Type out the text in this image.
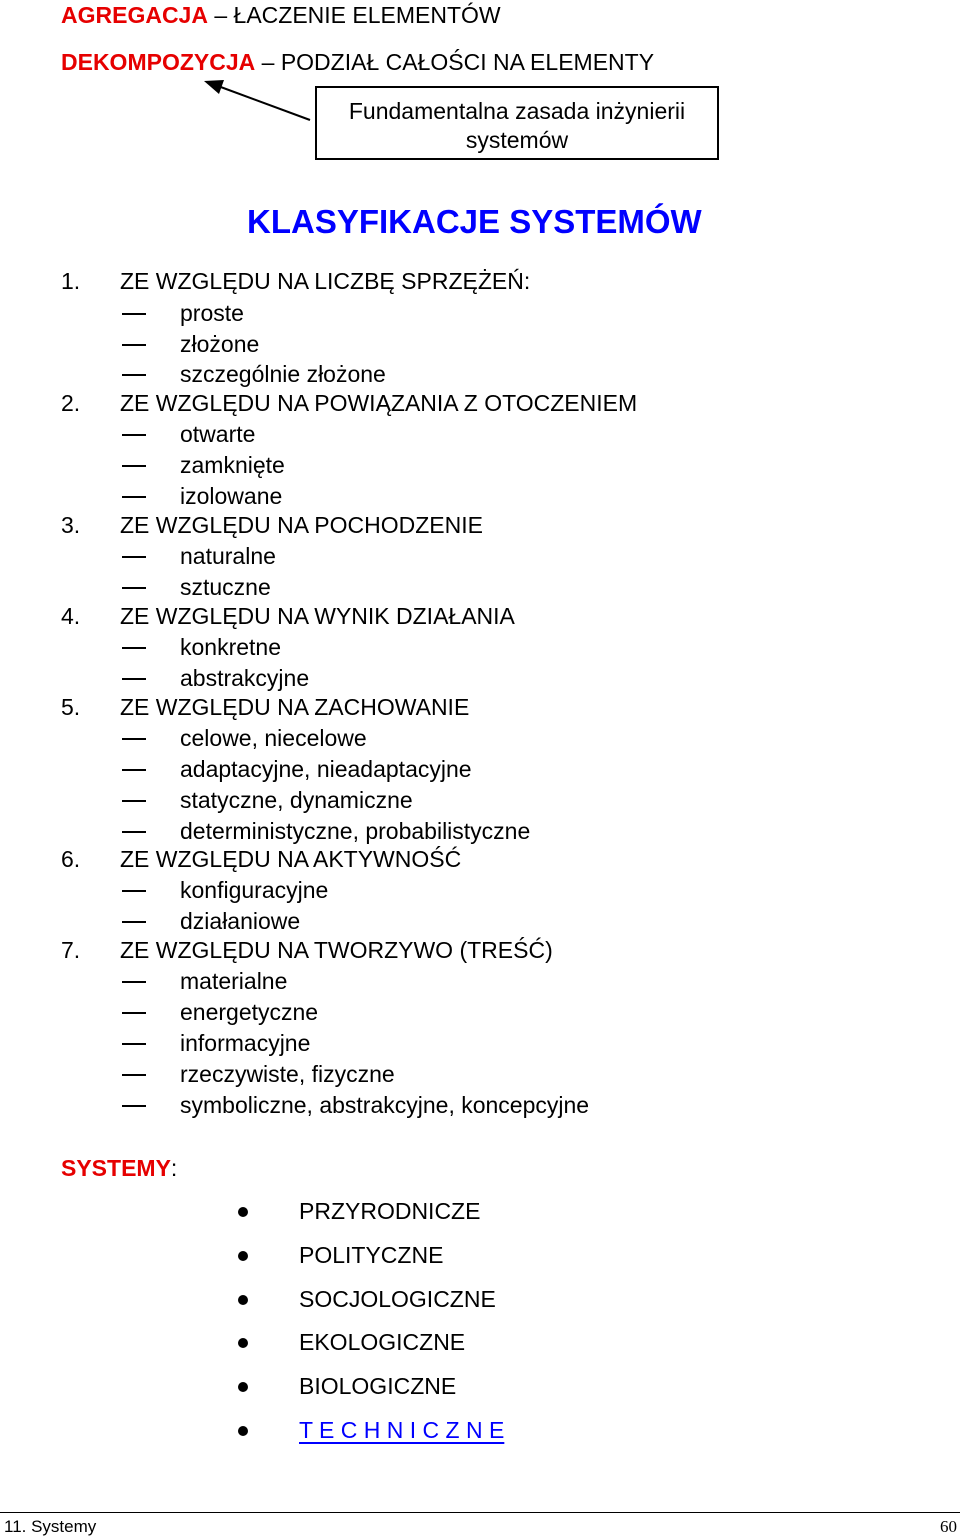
AGREGACJA – ŁACZENIE ELEMENTÓW
DEKOMPOZYCJA – PODZIAŁ CAŁOŚCI NA ELEMENTY
Fundamentalna zasada inżynierii
systemów
KLASYFIKACJE SYSTEMÓW
1. ZE WZGLĘDU NA LICZBĘ SPRZĘŻEŃ:
proste
złożone
szczególnie złożone
2. ZE WZGLĘDU NA POWIĄZANIA Z OTOCZENIEM
otwarte
zamknięte
izolowane
3. ZE WZGLĘDU NA POCHODZENIE
naturalne
sztuczne
4. ZE WZGLĘDU NA WYNIK DZIAŁANIA
konkretne
abstrakcyjne
5. ZE WZGLĘDU NA ZACHOWANIE
celowe, niecelowe
adaptacyjne, nieadaptacyjne
statyczne, dynamiczne
deterministyczne, probabilistyczne
6. ZE WZGLĘDU NA AKTYWNOŚĆ
konfiguracyjne
działaniowe
7. ZE WZGLĘDU NA TWORZYWO (TREŚĆ)
materialne
energetyczne
informacyjne
rzeczywiste, fizyczne
symboliczne, abstrakcyjne, koncepcyjne
SYSTEMY:
PRZYRODNICZE
POLITYCZNE
SOCJOLOGICZNE
EKOLOGICZNE
BIOLOGICZNE
T E C H N I C Z N E
11. Systemy	60
